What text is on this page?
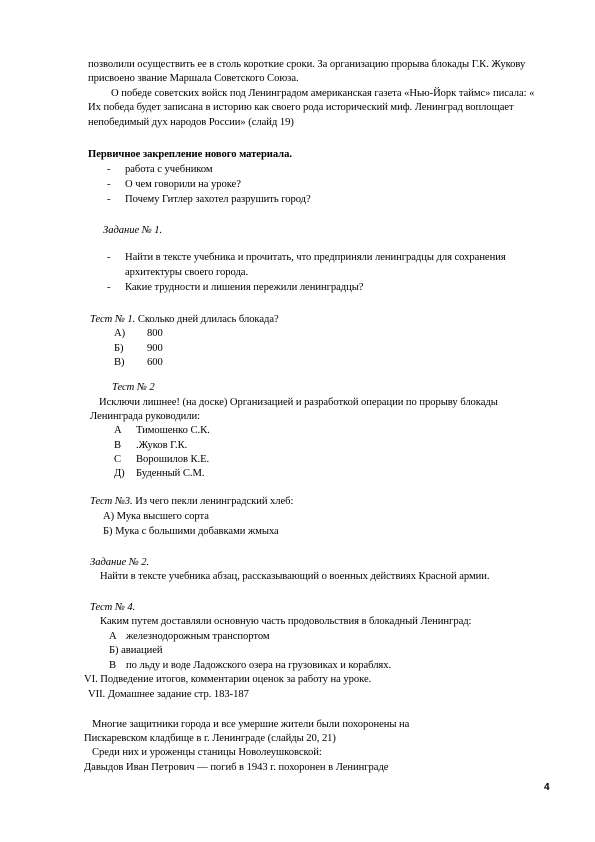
позволили осуществить ее в столь короткие сроки. За организацию прорыва блокады Г.К. Жукову
присвоено звание Маршала Советского Союза.
О победе советских войск под Ленинградом американская газета «Нью-Йорк таймс» писала: «
Их победа будет записана в историю как своего рода исторический миф. Ленинград воплощает
непобедимый дух народов России» (слайд 19)
Первичное закрепление нового материала.
- работа с учебником
- О чем говорили на уроке?
- Почему Гитлер захотел разрушить город?
Задание № 1.
- Найти в тексте учебника и прочитать, что предприняли ленинградцы для сохранения
архитектуры своего города.
- Какие трудности и лишения пережили ленинградцы?
Тест № 1. Сколько дней длилась блокада?
А) 800
Б) 900
В) 600
Тест № 2
Исключи лишнее! (на доске) Организацией и разработкой операции по прорыву блокады
Ленинграда руководили:
А Тимошенко С.К.
В .Жуков Г.К.
С Ворошилов К.Е.
Д) Буденный С.М.
Тест №3. Из чего пекли ленинградский хлеб:
А) Мука высшего сорта
Б) Мука с большими добавками жмыха
Задание № 2.
Найти в тексте учебника абзац, рассказывающий о военных действиях Красной армии.
Тест № 4.
Каким путем доставляли основную часть продовольствия в блокадный Ленинград:
А железнодорожным транспортом
Б) авиацией
В по льду и воде Ладожского озера на грузовиках и кораблях.
VI. Подведение итогов, комментарии оценок за работу на уроке.
VII. Домашнее задание стр. 183-187
Многие защитники города и все умершие жители были похоронены на
Пискаревском кладбище в г. Ленинграде (слайды 20, 21)
Среди них и уроженцы станицы Новолеушковской:
Давыдов Иван Петрович — погиб в 1943 г. похоронен в Ленинграде
4
